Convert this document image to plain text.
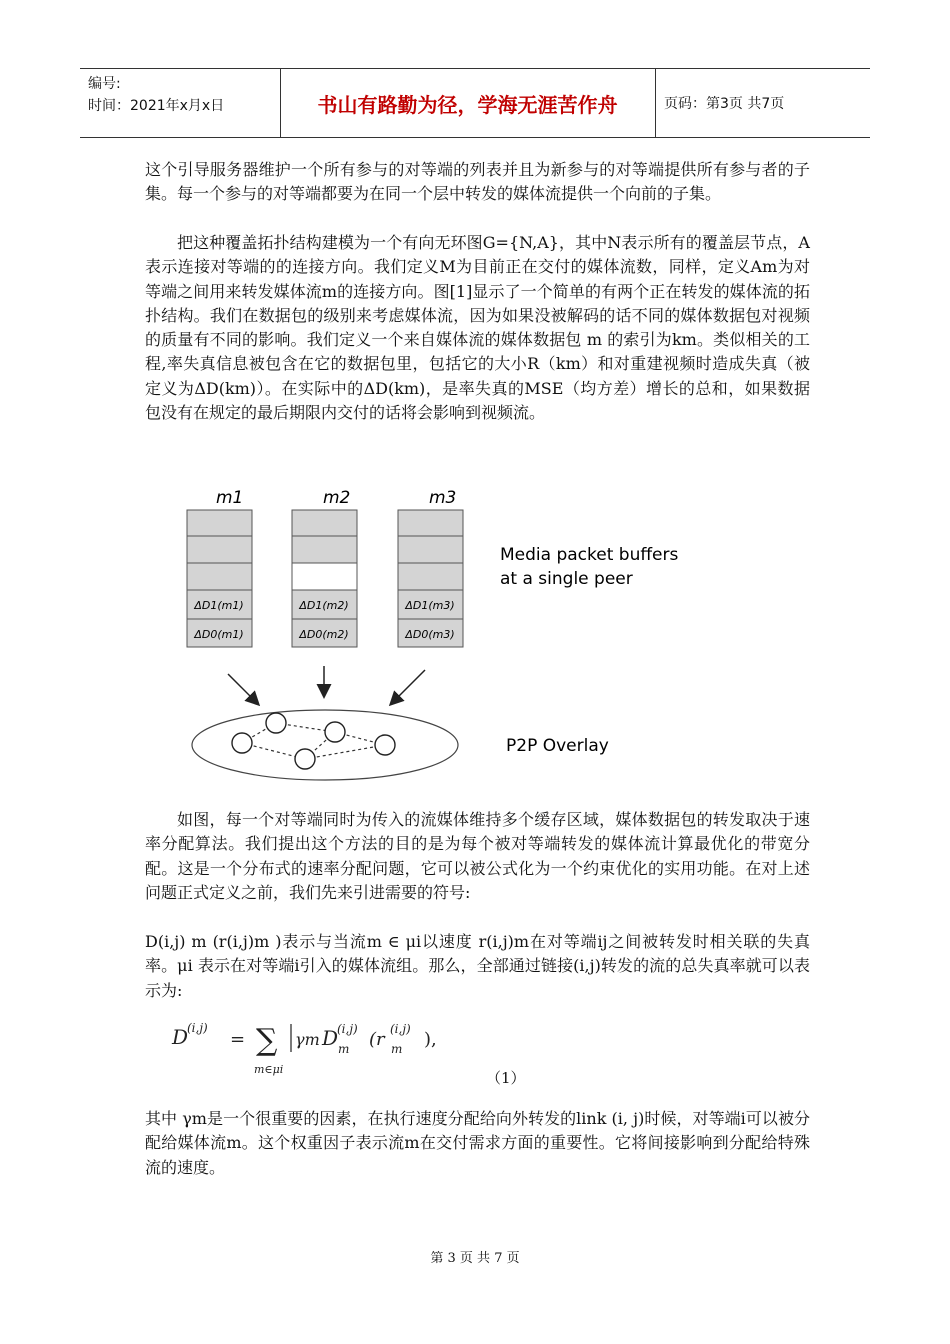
编号:
时间：2021年x月x日	书山有路勤为径，学海无涯苦作舟	页码：第3页 共7页

这个引导服务器维护一个所有参与的对等端的列表并且为新参与的对等端提供所有参与者的子集。每一个参与的对等端都要为在同一个层中转发的媒体流提供一个向前的子集。

把这种覆盖拓扑结构建模为一个有向无环图G={N,A}，其中N表示所有的覆盖层节点，A表示连接对等端的的连接方向。我们定义M为目前正在交付的媒体流数，同样，定义Am为对等端之间用来转发媒体流m的连接方向。图[1]显示了一个简单的有两个正在转发的媒体流的拓扑结构。我们在数据包的级别来考虑媒体流，因为如果没被解码的话不同的媒体数据包对视频的质量有不同的影响。我们定义一个来自媒体流的媒体数据包 m 的索引为km。类似相关的工程,率失真信息被包含在它的数据包里，包括它的大小R（km）和对重建视频时造成失真（被定义为ΔD(km)）。在实际中的ΔD(km)，是率失真的MSE（均方差）增长的总和，如果数据包没有在规定的最后期限内交付的话将会影响到视频流。

m1	m2	m3
ΔD1(m1)
ΔD0(m1)
ΔD1(m2)
ΔD0(m2)
ΔD1(m3)
ΔD0(m3)
Media packet buffers
at a single peer
P2P Overlay

如图，每一个对等端同时为传入的流媒体维持多个缓存区域，媒体数据包的转发取决于速率分配算法。我们提出这个方法的目的是为每个被对等端转发的媒体流计算最优化的带宽分配。这是一个分布式的速率分配问题，它可以被公式化为一个约束优化的实用功能。在对上述问题正式定义之前，我们先来引进需要的符号:

D(i,j) m (r(i,j)m )表示与当流m ∈ μi以速度 r(i,j)m在对等端ij之间被转发时相关联的失真率。μi 表示在对等端i引入的媒体流组。那么，全部通过链接(i,j)转发的流的总失真率就可以表示为:

D
(i,j)
= ∑
m∈μi
γm D
(i,j)
m (r (i,j)
m ),
（1）

其中 γm是一个很重要的因素，在执行速度分配给向外转发的link (i, j)时候，对等端i可以被分配给媒体流m。这个权重因子表示流m在交付需求方面的重要性。它将间接影响到分配给特殊流的速度。

第 3 页 共 7 页
